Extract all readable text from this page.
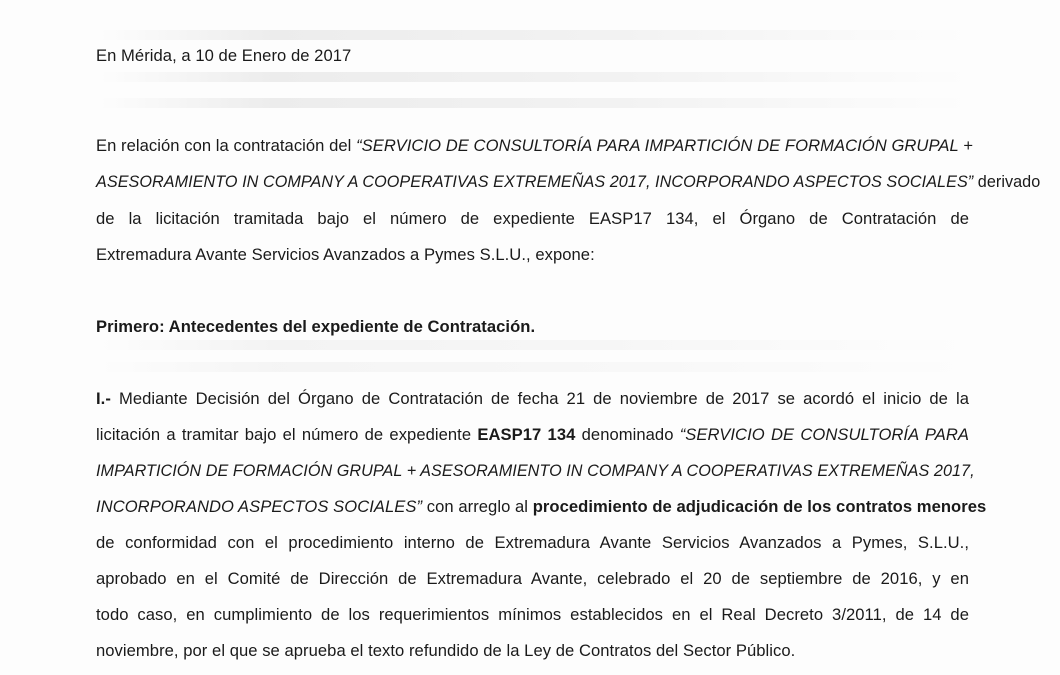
En Mérida, a 10 de Enero de 2017
En relación con la contratación del “SERVICIO DE CONSULTORÍA PARA IMPARTICIÓN DE FORMACIÓN GRUPAL +
ASESORAMIENTO IN COMPANY A COOPERATIVAS EXTREMEÑAS 2017, INCORPORANDO ASPECTOS SOCIALES” derivado
de la licitación tramitada bajo el número de expediente EASP17 134, el Órgano de Contratación de
Extremadura Avante Servicios Avanzados a Pymes S.L.U., expone:
Primero: Antecedentes del expediente de Contratación.
I.- Mediante Decisión del Órgano de Contratación de fecha 21 de noviembre de 2017 se acordó el inicio de la
licitación a tramitar bajo el número de expediente EASP17 134 denominado “SERVICIO DE CONSULTORÍA PARA
IMPARTICIÓN DE FORMACIÓN GRUPAL + ASESORAMIENTO IN COMPANY A COOPERATIVAS EXTREMEÑAS 2017,
INCORPORANDO ASPECTOS SOCIALES” con arreglo al procedimiento de adjudicación de los contratos menores
de conformidad con el procedimiento interno de Extremadura Avante Servicios Avanzados a Pymes, S.L.U.,
aprobado en el Comité de Dirección de Extremadura Avante, celebrado el 20 de septiembre de 2016, y en
todo caso, en cumplimiento de los requerimientos mínimos establecidos en el Real Decreto 3/2011, de 14 de
noviembre, por el que se aprueba el texto refundido de la Ley de Contratos del Sector Público.
